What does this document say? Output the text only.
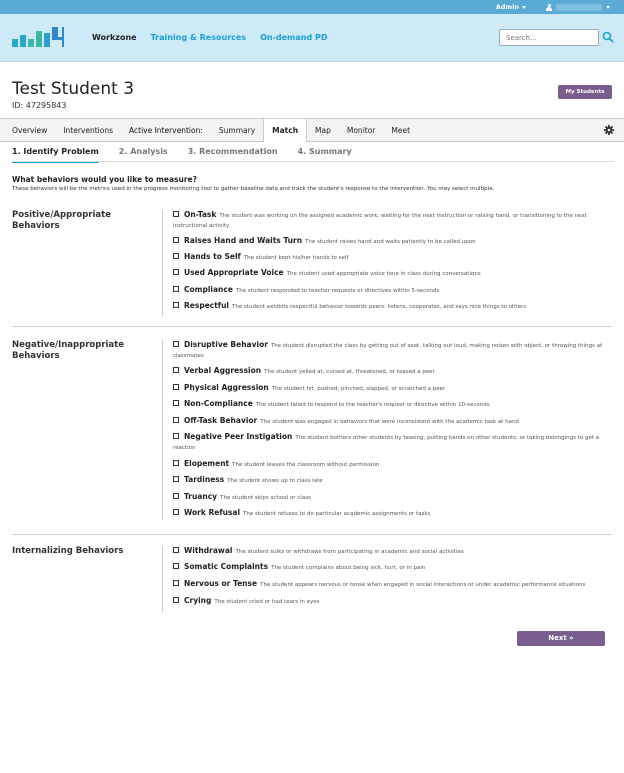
Admin
Workzone Training & Resources On-demand PD
Search...
Test Student 3
ID: 47295843
My Students
Overview	Interventions	Active Intervention:	Summary	Match	Map	Monitor	Meet
1. Identify Problem	2. Analysis	3. Recommendation	4. Summary
What behaviors would you like to measure?
These behaviors will be the metrics used in the progress monitoring tool to gather baseline data and track the student's response to the intervention. You may select multiple.
Positive/Appropriate Behaviors
On-Task The student was working on the assigned academic work, waiting for the next instruction or raising hand, or transitioning to the next instructional activity
Raises Hand and Waits Turn The student raises hand and waits patiently to be called upon
Hands to Self The student kept his/her hands to self
Used Appropriate Voice The student used appropriate voice tone in class during conversations
Compliance The student responded to teacher requests or directives within 5-seconds
Respectful The student exhibits respectful behavior towards peers: listens, cooperates, and says nice things to others
Negative/Inappropriate Behaviors
Disruptive Behavior The student disrupted the class by getting out of seat, talking out loud, making noises with object, or throwing things at classmates
Verbal Aggression The student yelled at, cursed at, threatened, or teased a peer
Physical Aggression The student hit, pushed, pinched, slapped, or scratched a peer
Non-Compliance The student failed to respond to the teacher's request or directive within 10-seconds
Off-Task Behavior The student was engaged in behaviors that were inconsistent with the academic task at hand
Negative Peer Instigation The student bothers other students by teasing, putting hands on other students, or taking belongings to get a reaction
Elopement The student leaves the classroom without permission
Tardiness The student shows up to class late
Truancy The student skips school or class
Work Refusal The student refuses to do particular academic assignments or tasks
Internalizing Behaviors	Withdrawal The student sulks or withdraws from participating in academic and social activities
Somatic Complaints The student complains about being sick, hurt, or in pain
Nervous or Tense The student appears nervous or tense when engaged in social interactions or under academic performance situations
Crying The student cried or had tears in eyes
Next »
